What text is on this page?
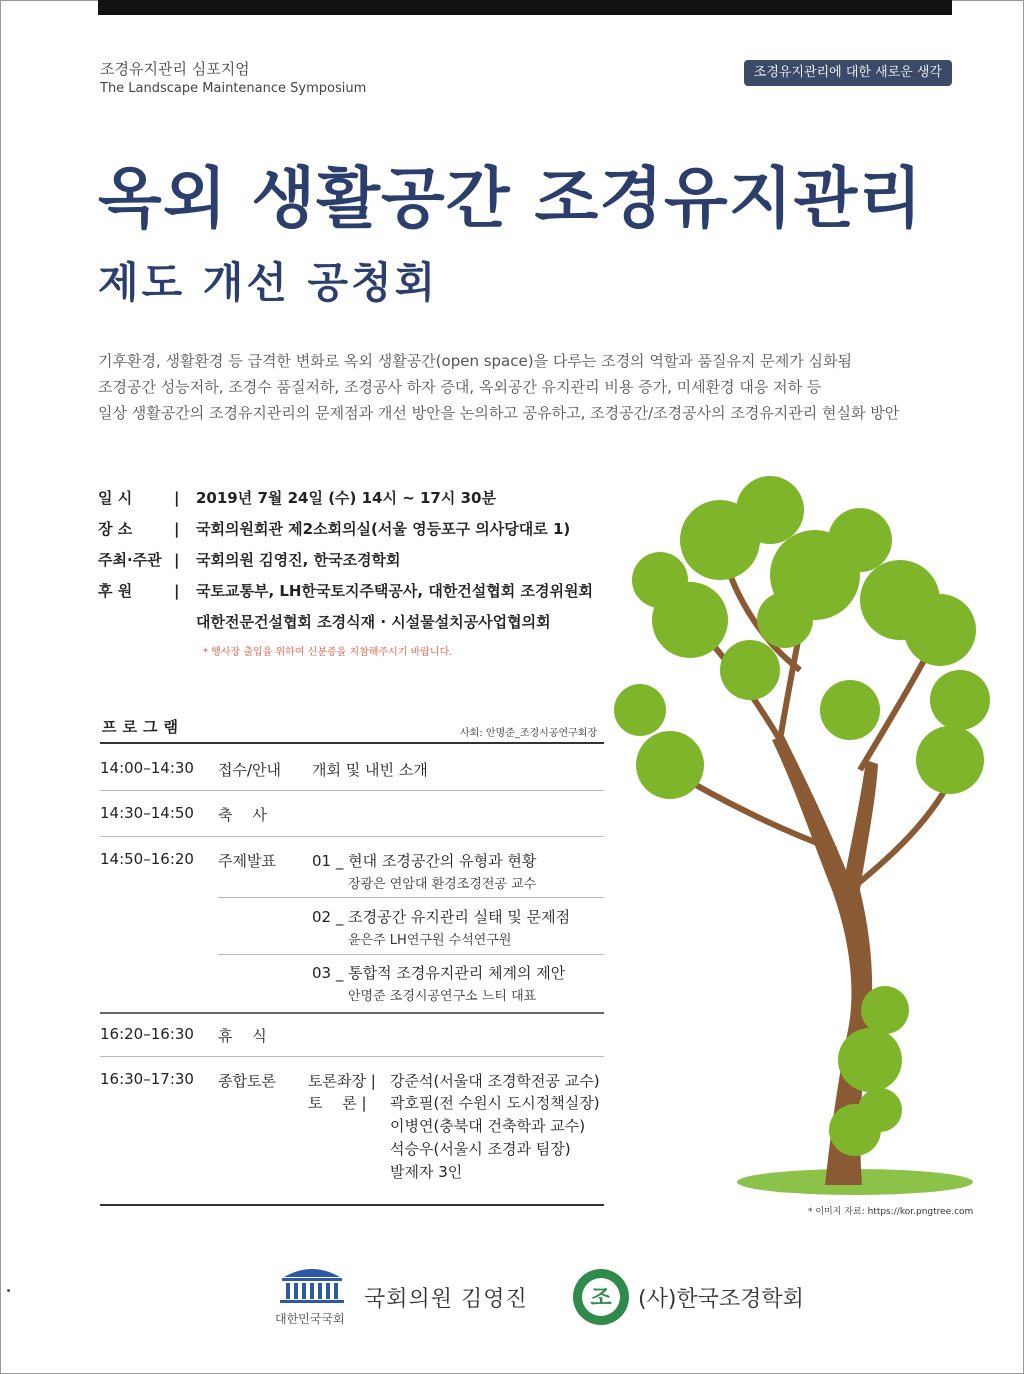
조경유지관리 심포지엄
The Landscape Maintenance Symposium
조경유지관리에 대한 새로운 생각
옥외 생활공간 조경유지관리
제도 개선 공청회
기후환경, 생활환경 등 급격한 변화로 옥외 생활공간(open space)을 다루는 조경의 역할과 품질유지 문제가 심화됨
조경공간 성능저하, 조경수 품질저하, 조경공사 하자 증대, 옥외공간 유지관리 비용 증가, 미세환경 대응 저하 등
일상 생활공간의 조경유지관리의 문제점과 개선 방안을 논의하고 공유하고, 조경공간/조경공사의 조경유지관리 현실화 방안
일 시	|	2019년 7월 24일 (수) 14시 ~ 17시 30분
장 소	|	국회의원회관 제2소회의실(서울 영등포구 의사당대로 1)
주최·주관 |	국회의원 김영진, 한국조경학회
후 원	|	국토교통부, LH한국토지주택공사, 대한건설협회 조경위원회
대한전문건설협회 조경식재 · 시설물설치공사업협의회
* 행사장 출입을 위하여 신분증을 지참해주시기 바랍니다.
프로그램	사회: 안명준_조경시공연구회장
14:00–14:30 접수/안내 개회 및 내빈 소개
14:30–14:50 축　 사
14:50–16:20 주제발표 01 _ 현대 조경공간의 유형과 현황
장광은 연암대 환경조경전공 교수
02 _ 조경공간 유지관리 실태 및 문제점
윤은주 LH연구원 수석연구원
03 _ 통합적 조경유지관리 체계의 제안
안명준 조경시공연구소 느티 대표
16:20–16:30 휴　 식
16:30–17:30 종합토론 토론좌장 | 강준석(서울대 조경학전공 교수)
토　 론 | 곽호필(전 수원시 도시정책실장)
이병연(충북대 건축학과 교수)
석승우(서울시 조경과 팀장)
발제자 3인
* 이미지 자료: https://kor.pngtree.com
대한민국국회
국회의원 김영진	조 (사)한국조경학회
